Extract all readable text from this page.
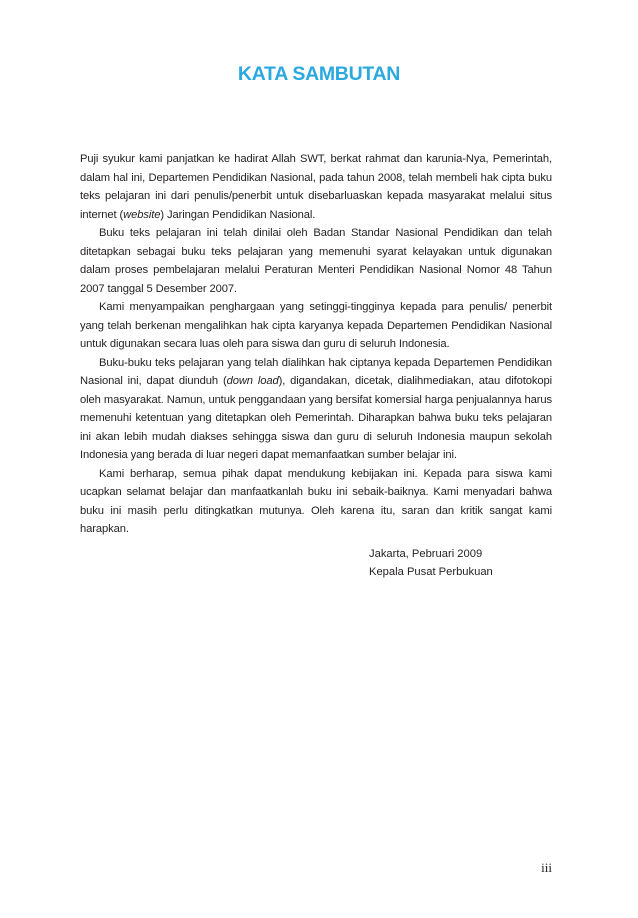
KATA SAMBUTAN

Puji syukur kami panjatkan ke hadirat Allah SWT, berkat rahmat dan karunia-Nya, Pemerintah, dalam hal ini, Departemen Pendidikan Nasional, pada tahun 2008, telah membeli hak cipta buku teks pelajaran ini dari penulis/penerbit untuk disebarluaskan kepada masyarakat melalui situs internet (website) Jaringan Pendidikan Nasional.

Buku teks pelajaran ini telah dinilai oleh Badan Standar Nasional Pendidikan dan telah ditetapkan sebagai buku teks pelajaran yang memenuhi syarat kelayakan untuk digunakan dalam proses pembelajaran melalui Peraturan Menteri Pendidikan Nasional Nomor 48 Tahun 2007 tanggal 5 Desember 2007.

Kami menyampaikan penghargaan yang setinggi-tingginya kepada para penulis/ penerbit yang telah berkenan mengalihkan hak cipta karyanya kepada Departemen Pendidikan Nasional untuk digunakan secara luas oleh para siswa dan guru di seluruh Indonesia.

Buku-buku teks pelajaran yang telah dialihkan hak ciptanya kepada Departemen Pendidikan Nasional ini, dapat diunduh (down load), digandakan, dicetak, dialihmediakan, atau difotokopi oleh masyarakat. Namun, untuk penggandaan yang bersifat komersial harga penjualannya harus memenuhi ketentuan yang ditetapkan oleh Pemerintah. Diharapkan bahwa buku teks pelajaran ini akan lebih mudah diakses sehingga siswa dan guru di seluruh Indonesia maupun sekolah Indonesia yang berada di luar negeri dapat memanfaatkan sumber belajar ini.

Kami berharap, semua pihak dapat mendukung kebijakan ini. Kepada para siswa kami ucapkan selamat belajar dan manfaatkanlah buku ini sebaik-baiknya. Kami menyadari bahwa buku ini masih perlu ditingkatkan mutunya. Oleh karena itu, saran dan kritik sangat kami harapkan.

Jakarta, Pebruari 2009
Kepala Pusat Perbukuan
iii
